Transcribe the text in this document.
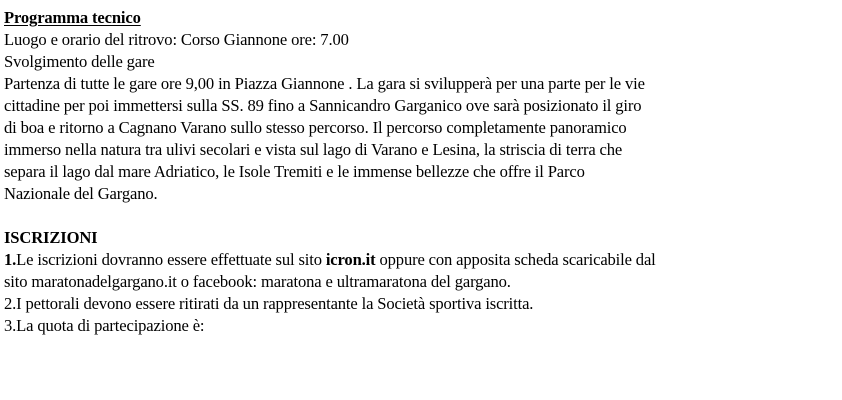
Programma tecnico
Luogo e orario del ritrovo: Corso Giannone ore: 7.00
Svolgimento delle gare
Partenza di tutte le gare ore 9,00 in Piazza Giannone . La gara si svilupperà per una parte per le vie
cittadine per poi immettersi sulla SS. 89 fino a Sannicandro Garganico ove sarà posizionato il giro
di boa e ritorno a Cagnano Varano sullo stesso percorso. Il percorso completamente panoramico
immerso nella natura tra ulivi secolari e vista sul lago di Varano e Lesina, la striscia di terra che
separa il lago dal mare Adriatico, le Isole Tremiti e le immense bellezze che offre il Parco
Nazionale del Gargano.
ISCRIZIONI
1.Le iscrizioni dovranno essere effettuate sul sito icron.it oppure con apposita scheda scaricabile dal
sito maratonadelgargano.it o facebook: maratona e ultramaratona del gargano.
2.I pettorali devono essere ritirati da un rappresentante la Società sportiva iscritta.
3.La quota di partecipazione è:
